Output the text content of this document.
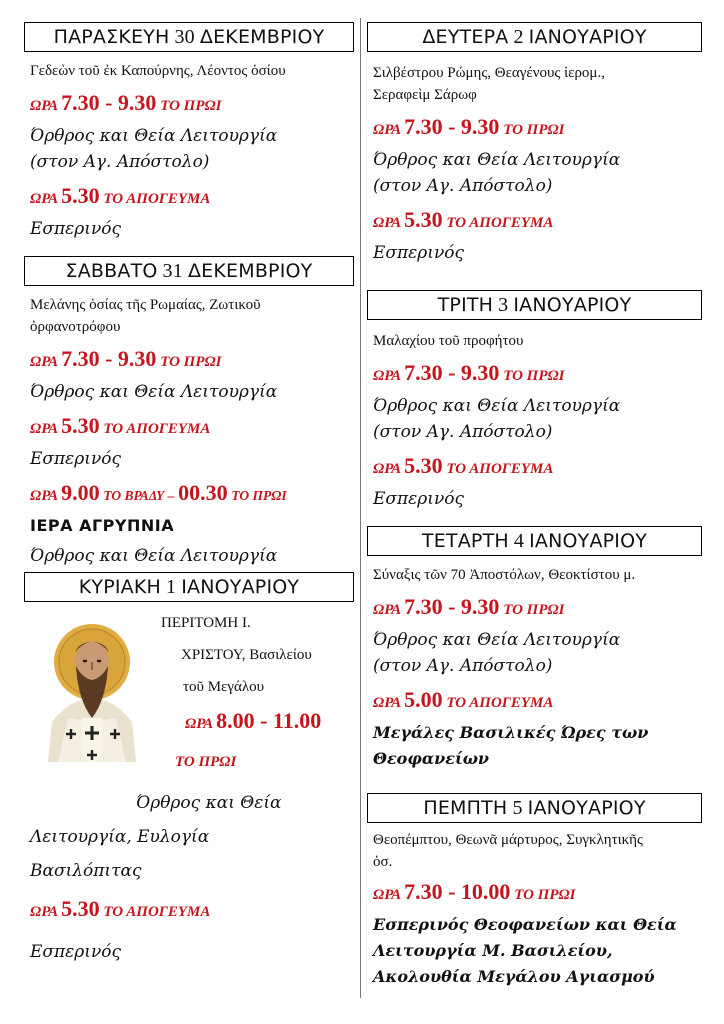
ΠΑΡΑΣΚΕΥΗ 30 ΔΕΚΕΜΒΡΙΟΥ
Γεδεὼν τοῦ ἐκ Καπούρνης, Λέοντος ὁσίου
ΩΡΑ 7.30 - 9.30 ΤΟ ΠΡΩΙ
Όρθρος και Θεία Λειτουργία
(στον Αγ. Απόστολο)
ΩΡΑ 5.30 ΤΟ ΑΠΟΓΕΥΜΑ
Εσπερινός
ΣΑΒΒΑΤΟ 31 ΔΕΚΕΜΒΡΙΟΥ
Μελάνης ὁσίας τῆς Ρωμαίας, Ζωτικοῦ
ὀρφανοτρόφου
ΩΡΑ 7.30 - 9.30 ΤΟ ΠΡΩΙ
Όρθρος και Θεία Λειτουργία
ΩΡΑ 5.30 ΤΟ ΑΠΟΓΕΥΜΑ
Εσπερινός
ΩΡΑ 9.00 ΤΟ ΒΡΑΔΥ – 00.30 ΤΟ ΠΡΩΙ
ΙΕΡΑ ΑΓΡΥΠΝΙΑ
Όρθρος και Θεία Λειτουργία
ΚΥΡΙΑΚΗ 1 ΙΑΝΟΥΑΡΙΟΥ
ΠΕΡΙΤΟΜΗ Ι.
ΧΡΙΣΤΟΥ, Βασιλείου
τοῦ Μεγάλου
ΩΡΑ 8.00 - 11.00
ΤΟ ΠΡΩΙ
Όρθρος και Θεία
Λειτουργία, Ευλογία
Βασιλόπιτας
ΩΡΑ 5.30 ΤΟ ΑΠΟΓΕΥΜΑ
Εσπερινός
ΔΕΥΤΕΡΑ 2 ΙΑΝΟΥΑΡΙΟΥ
Σιλβέστρου Ρώμης, Θεαγένους ἱερομ.,
Σεραφεὶμ Σάρωφ
ΩΡΑ 7.30 - 9.30 ΤΟ ΠΡΩΙ
Όρθρος και Θεία Λειτουργία
(στον Αγ. Απόστολο)
ΩΡΑ 5.30 ΤΟ ΑΠΟΓΕΥΜΑ
Εσπερινός
ΤΡΙΤΗ 3 ΙΑΝΟΥΑΡΙΟΥ
Μαλαχίου τοῦ προφήτου
ΩΡΑ 7.30 - 9.30 ΤΟ ΠΡΩΙ
Όρθρος και Θεία Λειτουργία
(στον Αγ. Απόστολο)
ΩΡΑ 5.30 ΤΟ ΑΠΟΓΕΥΜΑ
Εσπερινός
ΤΕΤΑΡΤΗ 4 ΙΑΝΟΥΑΡΙΟΥ
Σύναξις τῶν 70 Ἀποστόλων, Θεοκτίστου μ.
ΩΡΑ 7.30 - 9.30 ΤΟ ΠΡΩΙ
Όρθρος και Θεία Λειτουργία
(στον Αγ. Απόστολο)
ΩΡΑ 5.00 ΤΟ ΑΠΟΓΕΥΜΑ
Μεγάλες Βασιλικές Ώρες των
Θεοφανείων
ΠΕΜΠΤΗ 5 ΙΑΝΟΥΑΡΙΟΥ
Θεοπέμπτου, Θεωνᾶ μάρτυρος, Συγκλητικῆς
ὁσ.
ΩΡΑ 7.30 - 10.00 ΤΟ ΠΡΩΙ
Εσπερινός Θεοφανείων και Θεία
Λειτουργία Μ. Βασιλείου,
Ακολουθία Μεγάλου Αγιασμού
